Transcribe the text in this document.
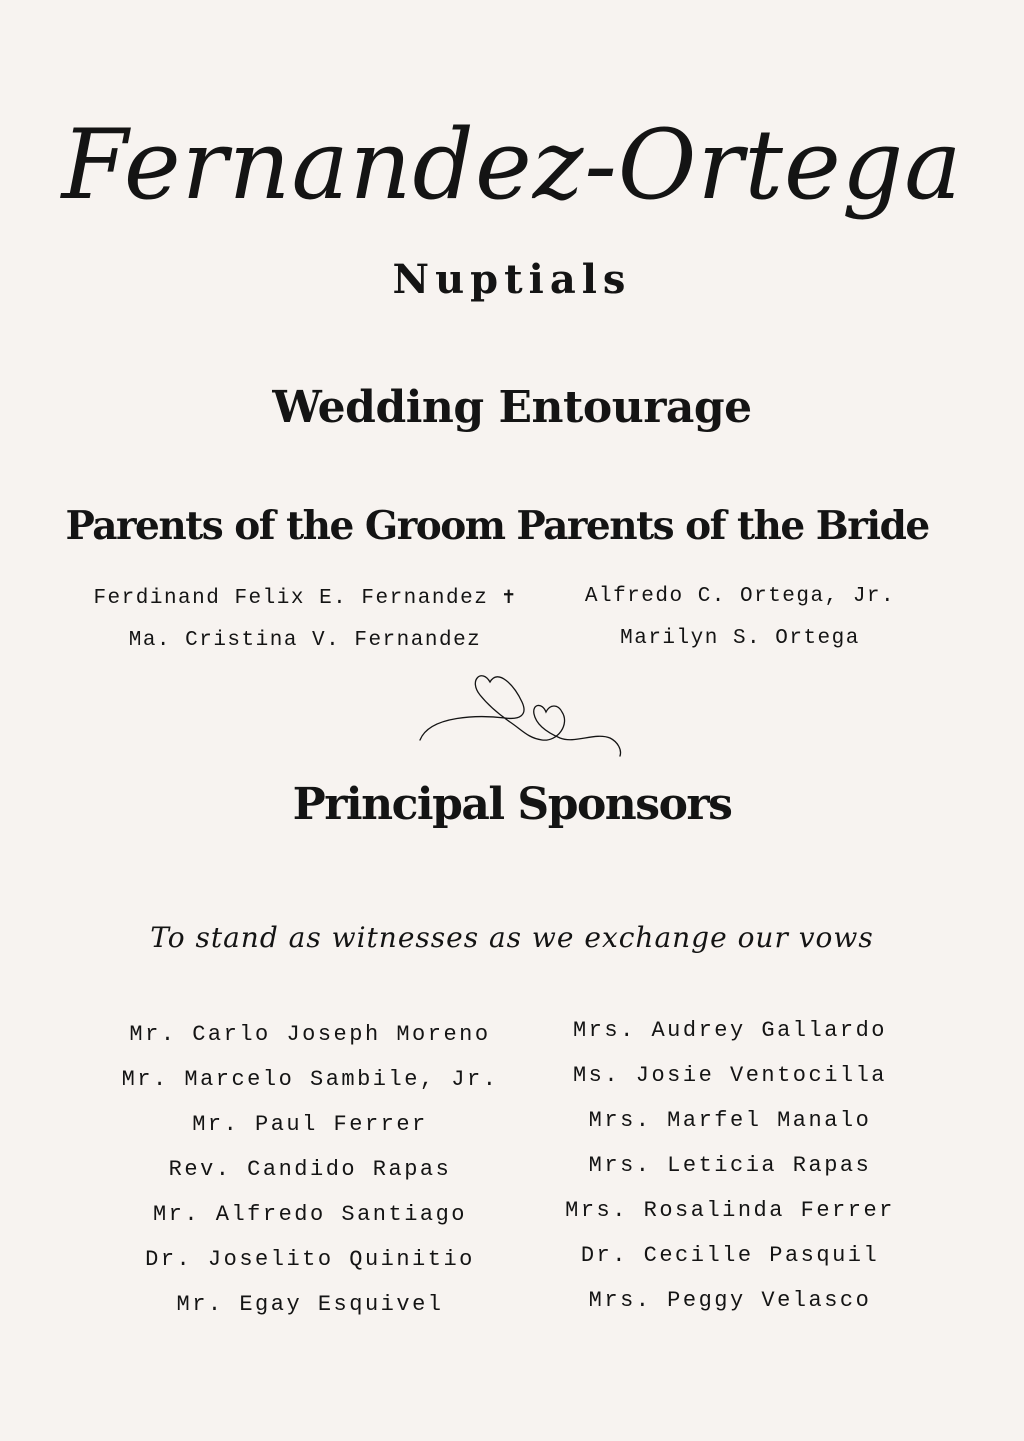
Fernandez-Ortega
Nuptials
Wedding Entourage
Parents of the Groom Parents of the Bride
Ferdinand Felix E. Fernandez ✝
Ma. Cristina V. Fernandez
Alfredo C. Ortega, Jr.
Marilyn S. Ortega
Principal Sponsors
To stand as witnesses as we exchange our vows
Mr. Carlo Joseph Moreno
Mr. Marcelo Sambile, Jr.
Mr. Paul Ferrer
Rev. Candido Rapas
Mr. Alfredo Santiago
Dr. Joselito Quinitio
Mr. Egay Esquivel
Mrs. Audrey Gallardo
Ms. Josie Ventocilla
Mrs. Marfel Manalo
Mrs. Leticia Rapas
Mrs. Rosalinda Ferrer
Dr. Cecille Pasquil
Mrs. Peggy Velasco
